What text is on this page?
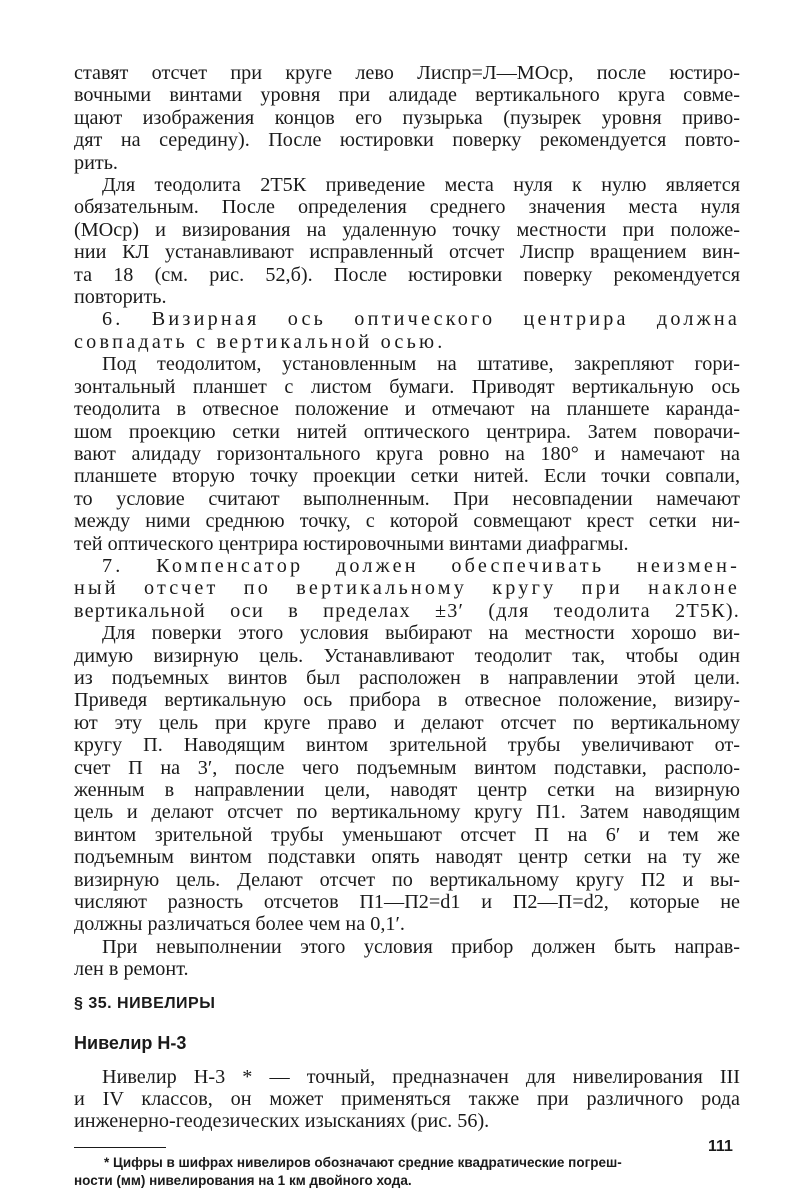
ставят отсчет при круге лево Лиспр=Л—MOср, после юстиро-
вочными винтами уровня при алидаде вертикального круга совме-
щают изображения концов его пузырька (пузырек уровня приво-
дят на середину). После юстировки поверку рекомендуется повто-
рить.
Для теодолита 2Т5К приведение места нуля к нулю является
обязательным. После определения среднего значения места нуля
(MOср) и визирования на удаленную точку местности при положе-
нии КЛ устанавливают исправленный отсчет Лиспр вращением вин-
та 18 (см. рис. 52,б). После юстировки поверку рекомендуется
повторить.
6. Визирная ось оптического центрира должна
совпадать с вертикальной осью.
Под теодолитом, установленным на штативе, закрепляют гори-
зонтальный планшет с листом бумаги. Приводят вертикальную ось
теодолита в отвесное положение и отмечают на планшете каранда-
шом проекцию сетки нитей оптического центрира. Затем поворачи-
вают алидаду горизонтального круга ровно на 180° и намечают на
планшете вторую точку проекции сетки нитей. Если точки совпали,
то условие считают выполненным. При несовпадении намечают
между ними среднюю точку, с которой совмещают крест сетки ни-
тей оптического центрира юстировочными винтами диафрагмы.
7. Компенсатор должен обеспечивать неизмен-
ный отсчет по вертикальному кругу при наклоне
вертикальной оси в пределах ±3′ (для теодолита 2Т5К).
Для поверки этого условия выбирают на местности хорошо ви-
димую визирную цель. Устанавливают теодолит так, чтобы один
из подъемных винтов был расположен в направлении этой цели.
Приведя вертикальную ось прибора в отвесное положение, визиру-
ют эту цель при круге право и делают отсчет по вертикальному
кругу П. Наводящим винтом зрительной трубы увеличивают от-
счет П на 3′, после чего подъемным винтом подставки, располо-
женным в направлении цели, наводят центр сетки на визирную
цель и делают отсчет по вертикальному кругу П1. Затем наводящим
винтом зрительной трубы уменьшают отсчет П на 6′ и тем же
подъемным винтом подставки опять наводят центр сетки на ту же
визирную цель. Делают отсчет по вертикальному кругу П2 и вы-
числяют разность отсчетов П1—П2=d1 и П2—П=d2, которые не
должны различаться более чем на 0,1′.
При невыполнении этого условия прибор должен быть направ-
лен в ремонт.
§ 35. НИВЕЛИРЫ
Нивелир Н-3
Нивелир Н-3 * — точный, предназначен для нивелирования III
и IV классов, он может применяться также при различного рода
инженерно-геодезических изысканиях (рис. 56).
* Цифры в шифрах нивелиров обозначают средние квадратические погреш-
ности (мм) нивелирования на 1 км двойного хода.
111
